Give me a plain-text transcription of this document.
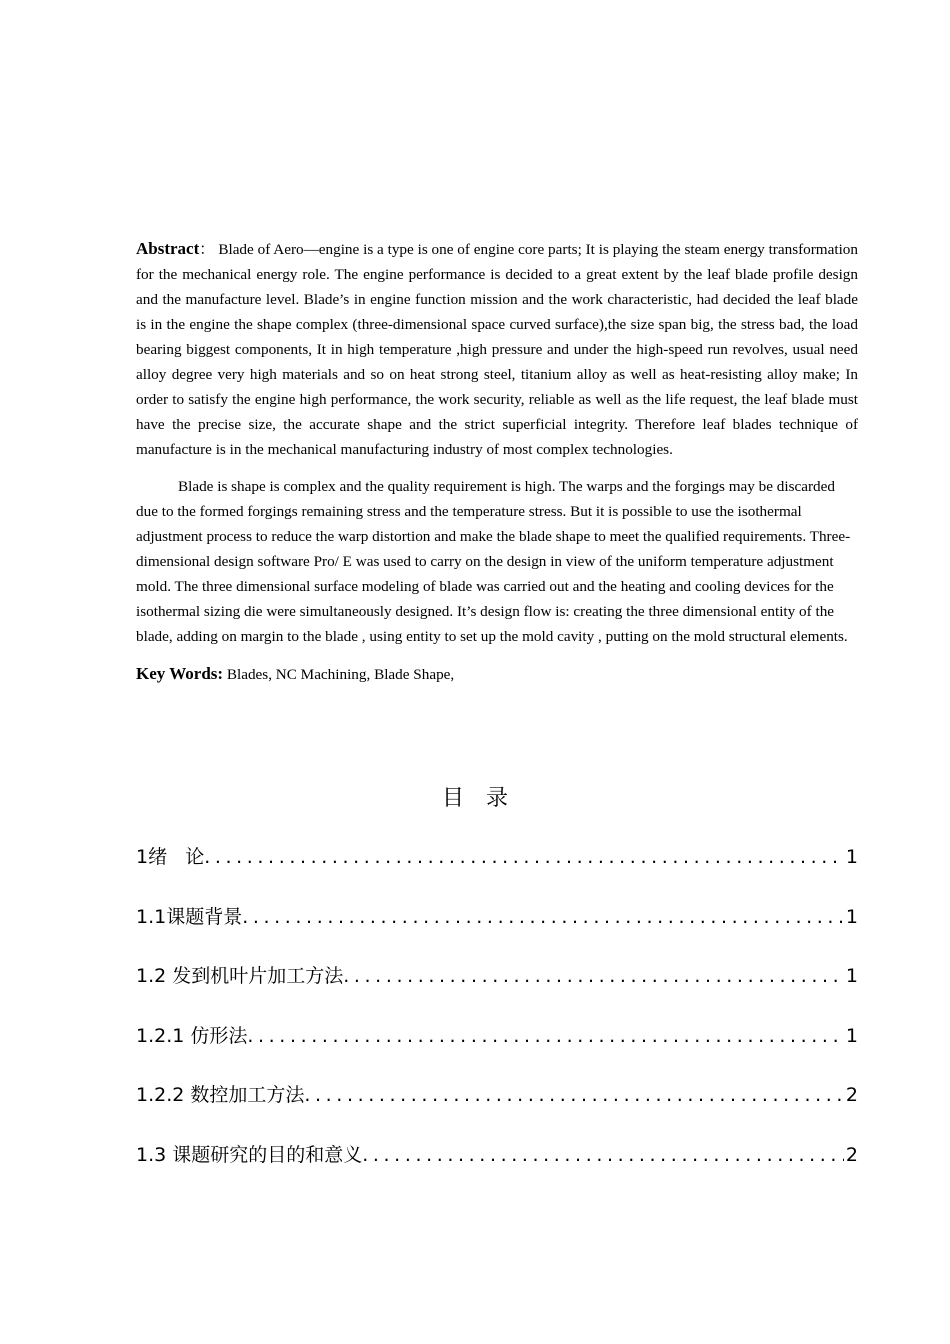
Abstract： Blade of Aero—engine is a type is one of engine core parts; It is playing the steam energy transformation for the mechanical energy role. The engine performance is decided to a great extent by the leaf blade profile design and the manufacture level. Blade’s in engine function mission and the work characteristic, had decided the leaf blade is in the engine the shape complex (three-dimensional space curved surface),the size span big, the stress bad, the load bearing biggest components, It in high temperature ,high pressure and under the high-speed run revolves, usual need alloy degree very high materials and so on heat strong steel, titanium alloy as well as heat-resisting alloy make; In order to satisfy the engine high performance, the work security, reliable as well as the life request, the leaf blade must have the precise size, the accurate shape and the strict superficial integrity. Therefore leaf blades technique of manufacture is in the mechanical manufacturing industry of most complex technologies.

Blade is shape is complex and the quality requirement is high. The warps and the forgings may be discarded due to the formed forgings remaining stress and the temperature stress. But it is possible to use the isothermal adjustment process to reduce the warp distortion and make the blade shape to meet the qualified requirements. Three-dimensional design software Pro/ E was used to carry on the design in view of the uniform temperature adjustment mold. The three dimensional surface modeling of blade was carried out and the heating and cooling devices for the isothermal sizing die were simultaneously designed. It’s design flow is: creating the three dimensional entity of the blade, adding on margin to the blade , using entity to set up the mold cavity , putting on the mold structural elements.

Key Words: Blades, NC Machining, Blade Shape,

目录
1绪   论 .....	1
1.1课题背景 .....	1
1.2 发到机叶片加工方法 .....	1
1.2.1 仿形法 .....	1
1.2.2 数控加工方法 .....	2
1.3 课题研究的目的和意义 .....	2
